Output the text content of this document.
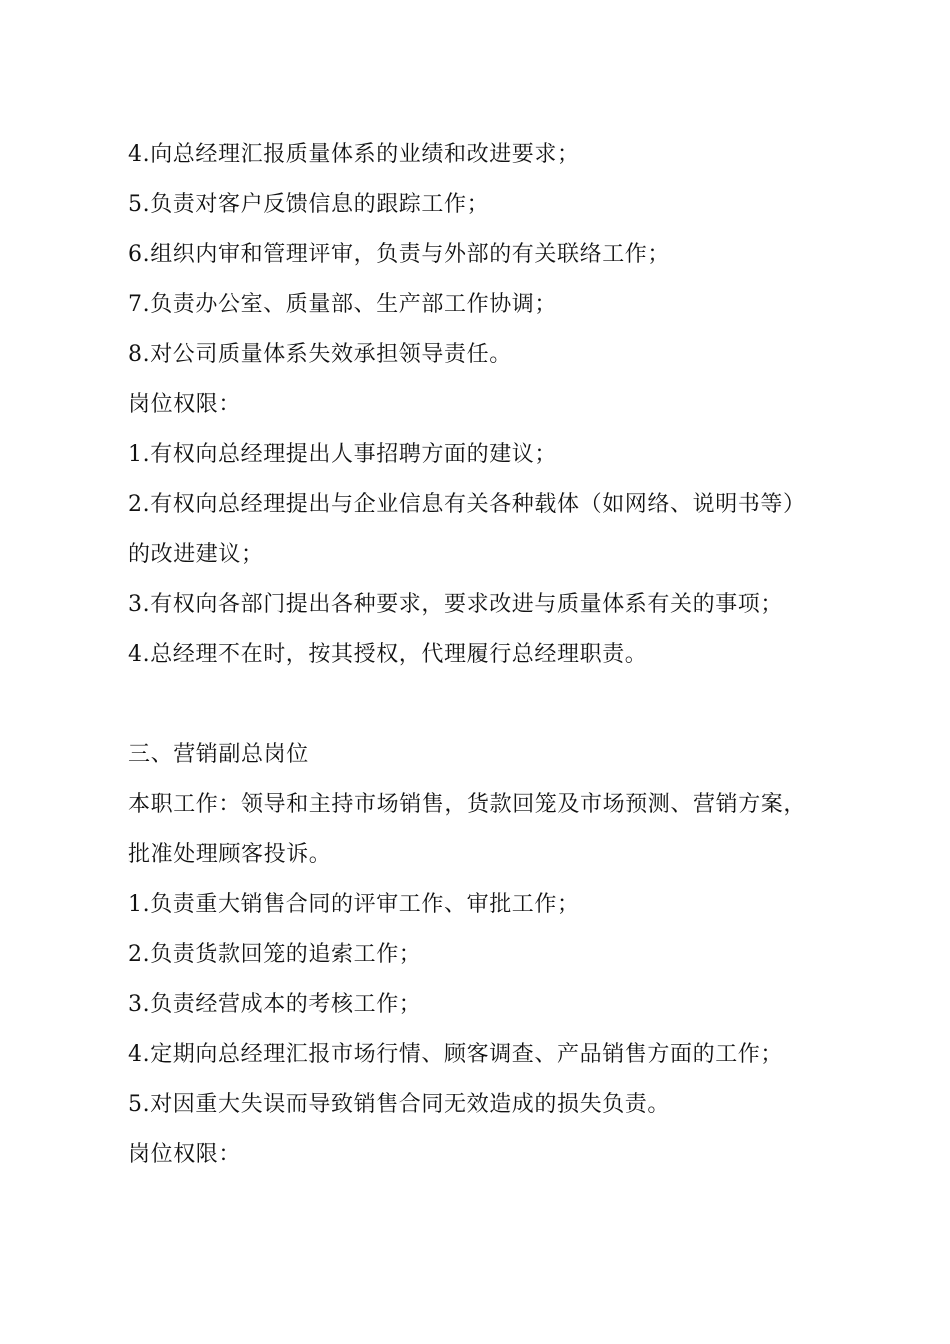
4.向总经理汇报质量体系的业绩和改进要求；
5.负责对客户反馈信息的跟踪工作；
6.组织内审和管理评审，负责与外部的有关联络工作；
7.负责办公室、质量部、生产部工作协调；
8.对公司质量体系失效承担领导责任。
岗位权限：
1.有权向总经理提出人事招聘方面的建议；
2.有权向总经理提出与企业信息有关各种载体（如网络、说明书等）
的改进建议；
3.有权向各部门提出各种要求，要求改进与质量体系有关的事项；
4.总经理不在时，按其授权，代理履行总经理职责。
三、营销副总岗位
本职工作：领导和主持市场销售，货款回笼及市场预测、营销方案，
批准处理顾客投诉。
1.负责重大销售合同的评审工作、审批工作；
2.负责货款回笼的追索工作；
3.负责经营成本的考核工作；
4.定期向总经理汇报市场行情、顾客调查、产品销售方面的工作；
5.对因重大失误而导致销售合同无效造成的损失负责。
岗位权限：
